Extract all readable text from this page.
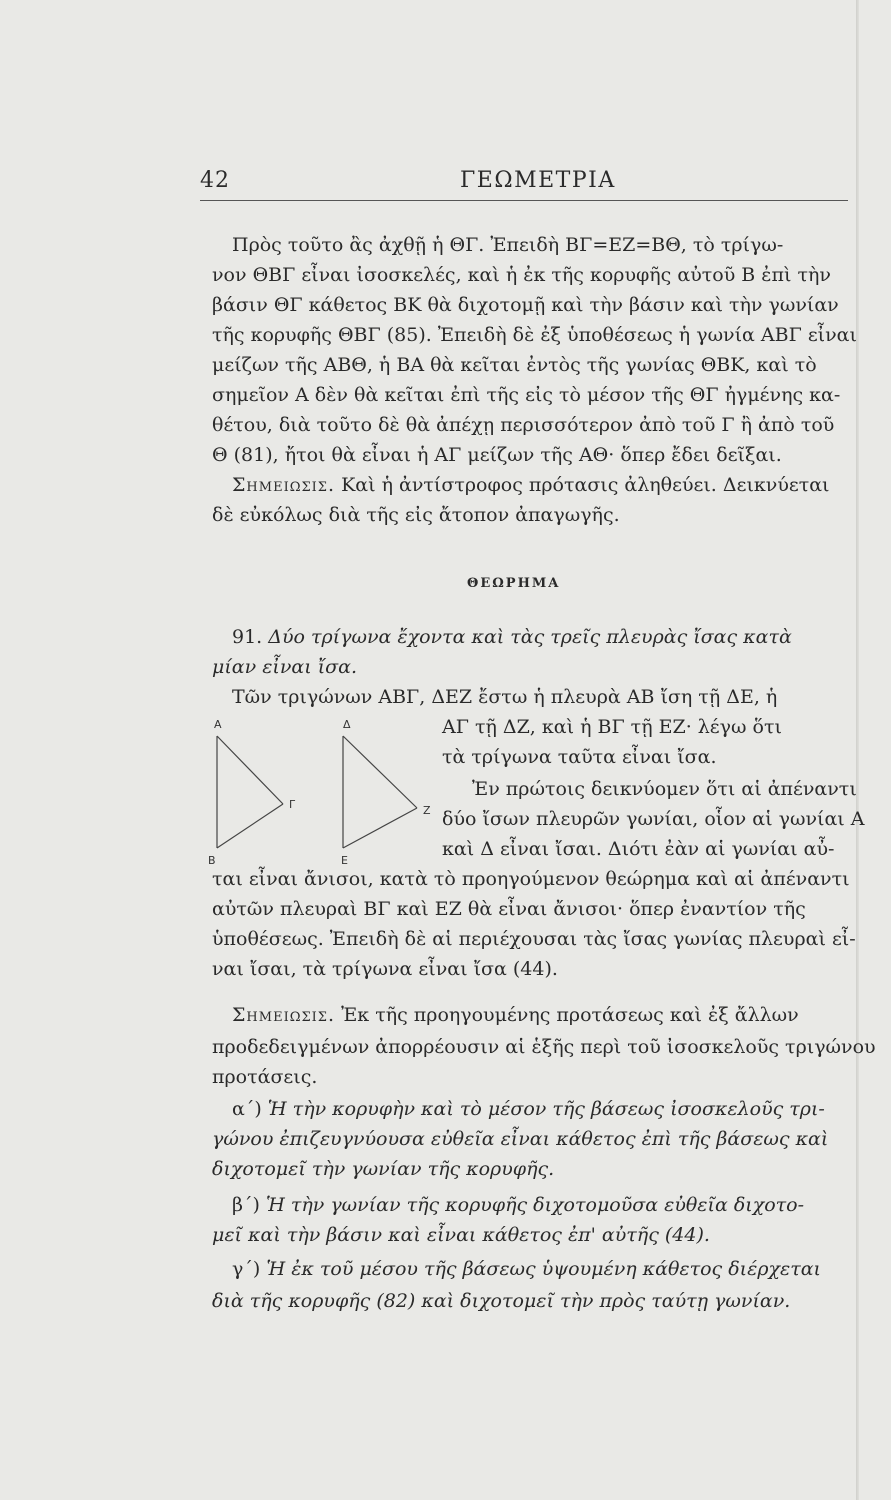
42	ΓΕΩΜΕΤΡΙΑ
Πρὸς τοῦτο ἂς ἀχθῇ ἡ ΘΓ. Ἐπειδὴ ΒΓ=ΕΖ=ΒΘ, τὸ τρίγω-
νον ΘΒΓ εἶναι ἰσοσκελές, καὶ ἡ ἐκ τῆς κορυφῆς αὐτοῦ Β ἐπὶ τὴν
βάσιν ΘΓ κάθετος ΒΚ θὰ διχοτομῇ καὶ τὴν βάσιν καὶ τὴν γωνίαν
τῆς κορυφῆς ΘΒΓ (85). Ἐπειδὴ δὲ ἐξ ὑποθέσεως ἡ γωνία ΑΒΓ εἶναι
μείζων τῆς ΑΒΘ, ἡ ΒΑ θὰ κεῖται ἐντὸς τῆς γωνίας ΘΒΚ, καὶ τὸ
σημεῖον Α δὲν θὰ κεῖται ἐπὶ τῆς εἰς τὸ μέσον τῆς ΘΓ ἠγμένης κα-
θέτου, διὰ τοῦτο δὲ θὰ ἀπέχῃ περισσότερον ἀπὸ τοῦ Γ ἢ ἀπὸ τοῦ
Θ (81), ἤτοι θὰ εἶναι ἡ ΑΓ μείζων τῆς ΑΘ· ὅπερ ἔδει δεῖξαι.
Σημειωσις. Καὶ ἡ ἀντίστροφος πρότασις ἀληθεύει. Δεικνύεται
δὲ εὐκόλως διὰ τῆς εἰς ἄτοπον ἀπαγωγῆς.
ΘΕΩΡΗΜΑ
91. Δύο τρίγωνα ἔχοντα καὶ τὰς τρεῖς πλευρὰς ἴσας κατὰ
μίαν εἶναι ἴσα.
Τῶν τριγώνων ΑΒΓ, ΔΕΖ ἔστω ἡ πλευρὰ ΑΒ ἴση τῇ ΔΕ, ἡ
Α
Β
Γ
Δ
Ε
Ζ
ΑΓ τῇ ΔΖ, καὶ ἡ ΒΓ τῇ ΕΖ· λέγω ὅτι
τὰ τρίγωνα ταῦτα εἶναι ἴσα.
Ἐν πρώτοις δεικνύομεν ὅτι αἱ ἀπέναντι
δύο ἴσων πλευρῶν γωνίαι, οἷον αἱ γωνίαι Α
καὶ Δ εἶναι ἴσαι. Διότι ἐὰν αἱ γωνίαι αὖ-
ται εἶναι ἄνισοι, κατὰ τὸ προηγούμενον θεώρημα καὶ αἱ ἀπέναντι
αὐτῶν πλευραὶ ΒΓ καὶ ΕΖ θὰ εἶναι ἄνισοι· ὅπερ ἐναντίον τῆς
ὑποθέσεως. Ἐπειδὴ δὲ αἱ περιέχουσαι τὰς ἴσας γωνίας πλευραὶ εἶ-
ναι ἴσαι, τὰ τρίγωνα εἶναι ἴσα (44).
Σημειωσις. Ἐκ τῆς προηγουμένης προτάσεως καὶ ἐξ ἄλλων
προδεδειγμένων ἀπορρέουσιν αἱ ἑξῆς περὶ τοῦ ἰσοσκελοῦς τριγώνου
προτάσεις.
α΄) Ἡ τὴν κορυφὴν καὶ τὸ μέσον τῆς βάσεως ἰσοσκελοῦς τρι-
γώνου ἐπιζευγνύουσα εὐθεῖα εἶναι κάθετος ἐπὶ τῆς βάσεως καὶ
διχοτομεῖ τὴν γωνίαν τῆς κορυφῆς.
β΄) Ἡ τὴν γωνίαν τῆς κορυφῆς διχοτομοῦσα εὐθεῖα διχοτο-
μεῖ καὶ τὴν βάσιν καὶ εἶναι κάθετος ἐπ' αὐτῆς (44).
γ΄) Ἡ ἐκ τοῦ μέσου τῆς βάσεως ὑψουμένη κάθετος διέρχεται
διὰ τῆς κορυφῆς (82) καὶ διχοτομεῖ τὴν πρὸς ταύτῃ γωνίαν.
